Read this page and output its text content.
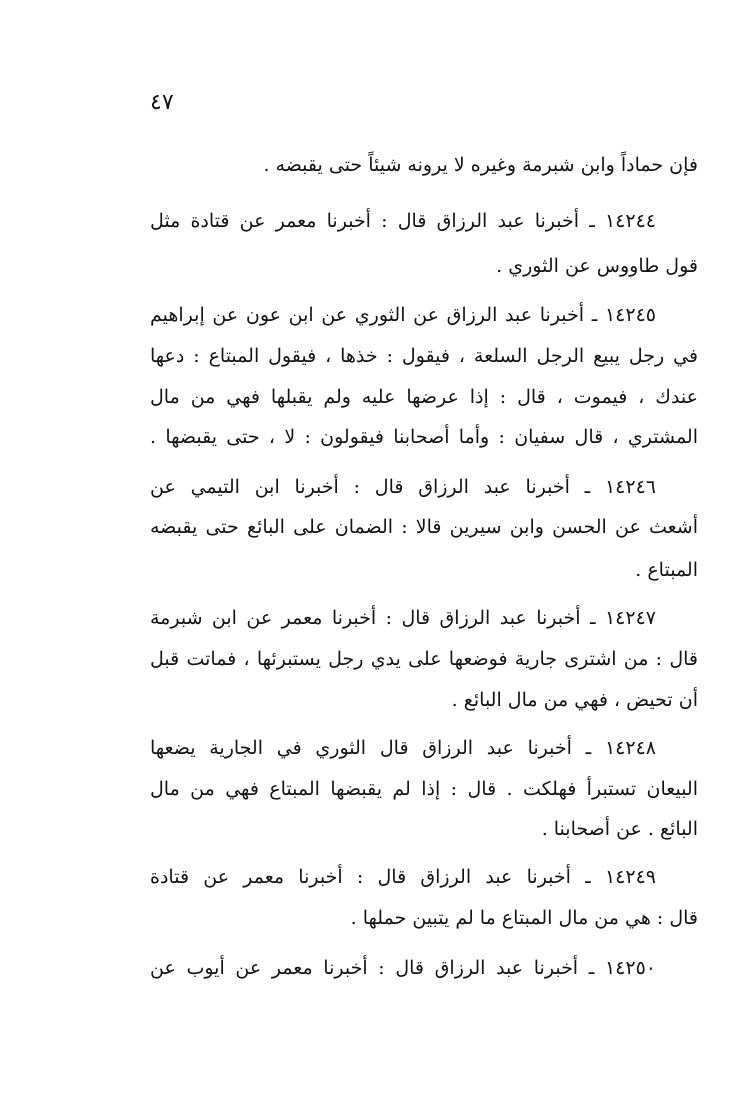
٤٧

فإن حماداً وابن شبرمة وغيره لا يرونه شيئاً حتى يقبضه .

١٤٢٤٤ ـ أخبرنا عبد الرزاق قال : أخبرنا معمر عن قتادة مثل

قول طاووس عن الثوري .

١٤٢٤٥ ـ أخبرنا عبد الرزاق عن الثوري عن ابن عون عن إبراهيم

في رجل يبيع الرجل السلعة ، فيقول : خذها ، فيقول المبتاع : دعها

عندك ، فيموت ، قال : إذا عرضها عليه ولم يقبلها فهي من مال

المشتري ، قال سفيان : وأما أصحابنا فيقولون : لا ، حتى يقبضها .

١٤٢٤٦ ـ أخبرنا عبد الرزاق قال : أخبرنا ابن التيمي عن

أشعث عن الحسن وابن سيرين قالا : الضمان على البائع حتى يقبضه

المبتاع .

١٤٢٤٧ ـ أخبرنا عبد الرزاق قال : أخبرنا معمر عن ابن شبرمة

قال : من اشترى جارية فوضعها على يدي رجل يستبرئها ، فماتت قبل

أن تحيض ، فهي من مال البائع .

١٤٢٤٨ ـ أخبرنا عبد الرزاق قال الثوري في الجارية يضعها

البيعان تستبرأ فهلكت . قال : إذا لم يقبضها المبتاع فهي من مال

البائع . عن أصحابنا .

١٤٢٤٩ ـ أخبرنا عبد الرزاق قال : أخبرنا معمر عن قتادة

قال : هي من مال المبتاع ما لم يتبين حملها .

١٤٢٥٠ ـ أخبرنا عبد الرزاق قال : أخبرنا معمر عن أيوب عن
